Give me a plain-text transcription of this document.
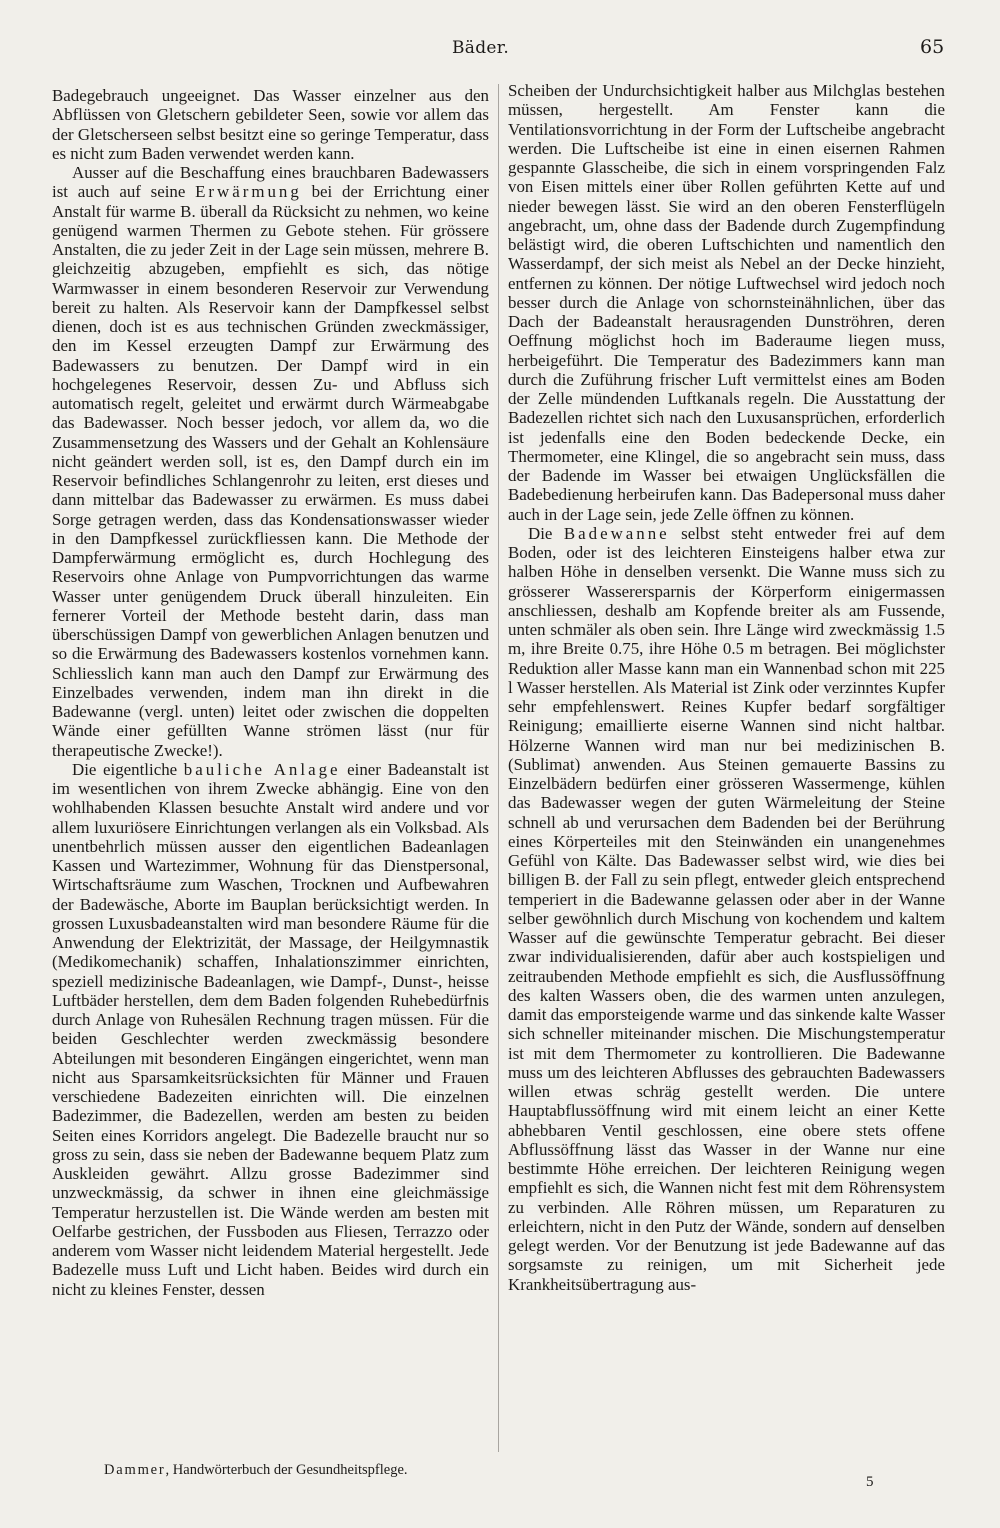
Bäder.	65

Badegebrauch ungeeignet. Das Wasser einzelner aus den Abflüssen von Gletschern gebildeter Seen, sowie vor allem das der Gletscherseen selbst besitzt eine so geringe Temperatur, dass es nicht zum Baden verwendet werden kann.

Ausser auf die Beschaffung eines brauchbaren Badewassers ist auch auf seine Erwärmung bei der Errichtung einer Anstalt für warme B. überall da Rücksicht zu nehmen, wo keine genügend warmen Thermen zu Gebote stehen. Für grössere Anstalten, die zu jeder Zeit in der Lage sein müssen, mehrere B. gleichzeitig abzugeben, empfiehlt es sich, das nötige Warmwasser in einem besonderen Reservoir zur Verwendung bereit zu halten. Als Reservoir kann der Dampfkessel selbst dienen, doch ist es aus technischen Gründen zweckmässiger, den im Kessel erzeugten Dampf zur Erwärmung des Badewassers zu benutzen. Der Dampf wird in ein hochgelegenes Reservoir, dessen Zu- und Abfluss sich automatisch regelt, geleitet und erwärmt durch Wärmeabgabe das Badewasser. Noch besser jedoch, vor allem da, wo die Zusammensetzung des Wassers und der Gehalt an Kohlensäure nicht geändert werden soll, ist es, den Dampf durch ein im Reservoir befindliches Schlangenrohr zu leiten, erst dieses und dann mittelbar das Badewasser zu erwärmen. Es muss dabei Sorge getragen werden, dass das Kondensationswasser wieder in den Dampfkessel zurückfliessen kann. Die Methode der Dampferwärmung ermöglicht es, durch Hochlegung des Reservoirs ohne Anlage von Pumpvorrichtungen das warme Wasser unter genügendem Druck überall hinzuleiten. Ein fernerer Vorteil der Methode besteht darin, dass man überschüssigen Dampf von gewerblichen Anlagen benutzen und so die Erwärmung des Badewassers kostenlos vornehmen kann. Schliesslich kann man auch den Dampf zur Erwärmung des Einzelbades verwenden, indem man ihn direkt in die Badewanne (vergl. unten) leitet oder zwischen die doppelten Wände einer gefüllten Wanne strömen lässt (nur für therapeutische Zwecke!).

Die eigentliche bauliche Anlage einer Badeanstalt ist im wesentlichen von ihrem Zwecke abhängig. Eine von den wohlhabenden Klassen besuchte Anstalt wird andere und vor allem luxuriösere Einrichtungen verlangen als ein Volksbad. Als unentbehrlich müssen ausser den eigentlichen Badeanlagen Kassen und Wartezimmer, Wohnung für das Dienstpersonal, Wirtschaftsräume zum Waschen, Trocknen und Aufbewahren der Badewäsche, Aborte im Bauplan berücksichtigt werden. In grossen Luxusbadeanstalten wird man besondere Räume für die Anwendung der Elektrizität, der Massage, der Heilgymnastik (Medikomechanik) schaffen, Inhalationszimmer einrichten, speziell medizinische Badeanlagen, wie Dampf-, Dunst-, heisse Luftbäder herstellen, dem dem Baden folgenden Ruhebedürfnis durch Anlage von Ruhesälen Rechnung tragen müssen. Für die beiden Geschlechter werden zweckmässig besondere Abteilungen mit besonderen Eingängen eingerichtet, wenn man nicht aus Sparsamkeitsrücksichten für Männer und Frauen verschiedene Badezeiten einrichten will. Die einzelnen Badezimmer, die Badezellen, werden am besten zu beiden Seiten eines Korridors angelegt. Die Badezelle braucht nur so gross zu sein, dass sie neben der Badewanne bequem Platz zum Auskleiden gewährt. Allzu grosse Badezimmer sind unzweckmässig, da schwer in ihnen eine gleichmässige Temperatur herzustellen ist. Die Wände werden am besten mit Oelfarbe gestrichen, der Fussboden aus Fliesen, Terrazzo oder anderem vom Wasser nicht leidendem Material hergestellt. Jede Badezelle muss Luft und Licht haben. Beides wird durch ein nicht zu kleines Fenster, dessen

Scheiben der Undurchsichtigkeit halber aus Milchglas bestehen müssen, hergestellt. Am Fenster kann die Ventilationsvorrichtung in der Form der Luftscheibe angebracht werden. Die Luftscheibe ist eine in einen eisernen Rahmen gespannte Glasscheibe, die sich in einem vorspringenden Falz von Eisen mittels einer über Rollen geführten Kette auf und nieder bewegen lässt. Sie wird an den oberen Fensterflügeln angebracht, um, ohne dass der Badende durch Zugempfindung belästigt wird, die oberen Luftschichten und namentlich den Wasserdampf, der sich meist als Nebel an der Decke hinzieht, entfernen zu können. Der nötige Luftwechsel wird jedoch noch besser durch die Anlage von schornsteinähnlichen, über das Dach der Badeanstalt herausragenden Dunströhren, deren Oeffnung möglichst hoch im Baderaume liegen muss, herbeigeführt. Die Temperatur des Badezimmers kann man durch die Zuführung frischer Luft vermittelst eines am Boden der Zelle mündenden Luftkanals regeln. Die Ausstattung der Badezellen richtet sich nach den Luxusansprüchen, erforderlich ist jedenfalls eine den Boden bedeckende Decke, ein Thermometer, eine Klingel, die so angebracht sein muss, dass der Badende im Wasser bei etwaigen Unglücksfällen die Badebedienung herbeirufen kann. Das Badepersonal muss daher auch in der Lage sein, jede Zelle öffnen zu können.

Die Badewanne selbst steht entweder frei auf dem Boden, oder ist des leichteren Einsteigens halber etwa zur halben Höhe in denselben versenkt. Die Wanne muss sich zu grösserer Wasserersparnis der Körperform einigermassen anschliessen, deshalb am Kopfende breiter als am Fussende, unten schmäler als oben sein. Ihre Länge wird zweckmässig 1.5 m, ihre Breite 0.75, ihre Höhe 0.5 m betragen. Bei möglichster Reduktion aller Masse kann man ein Wannenbad schon mit 225 l Wasser herstellen. Als Material ist Zink oder verzinntes Kupfer sehr empfehlenswert. Reines Kupfer bedarf sorgfältiger Reinigung; emaillierte eiserne Wannen sind nicht haltbar. Hölzerne Wannen wird man nur bei medizinischen B. (Sublimat) anwenden. Aus Steinen gemauerte Bassins zu Einzelbädern bedürfen einer grösseren Wassermenge, kühlen das Badewasser wegen der guten Wärmeleitung der Steine schnell ab und verursachen dem Badenden bei der Berührung eines Körperteiles mit den Steinwänden ein unangenehmes Gefühl von Kälte. Das Badewasser selbst wird, wie dies bei billigen B. der Fall zu sein pflegt, entweder gleich entsprechend temperiert in die Badewanne gelassen oder aber in der Wanne selber gewöhnlich durch Mischung von kochendem und kaltem Wasser auf die gewünschte Temperatur gebracht. Bei dieser zwar individualisierenden, dafür aber auch kostspieligen und zeitraubenden Methode empfiehlt es sich, die Ausflussöffnung des kalten Wassers oben, die des warmen unten anzulegen, damit das emporsteigende warme und das sinkende kalte Wasser sich schneller miteinander mischen. Die Mischungstemperatur ist mit dem Thermometer zu kontrollieren. Die Badewanne muss um des leichteren Abflusses des gebrauchten Badewassers willen etwas schräg gestellt werden. Die untere Hauptabflussöffnung wird mit einem leicht an einer Kette abhebbaren Ventil geschlossen, eine obere stets offene Abflussöffnung lässt das Wasser in der Wanne nur eine bestimmte Höhe erreichen. Der leichteren Reinigung wegen empfiehlt es sich, die Wannen nicht fest mit dem Röhrensystem zu verbinden. Alle Röhren müssen, um Reparaturen zu erleichtern, nicht in den Putz der Wände, sondern auf denselben gelegt werden. Vor der Benutzung ist jede Badewanne auf das sorgsamste zu reinigen, um mit Sicherheit jede Krankheitsübertragung aus-

Dammer, Handwörterbuch der Gesundheitspflege.
5
